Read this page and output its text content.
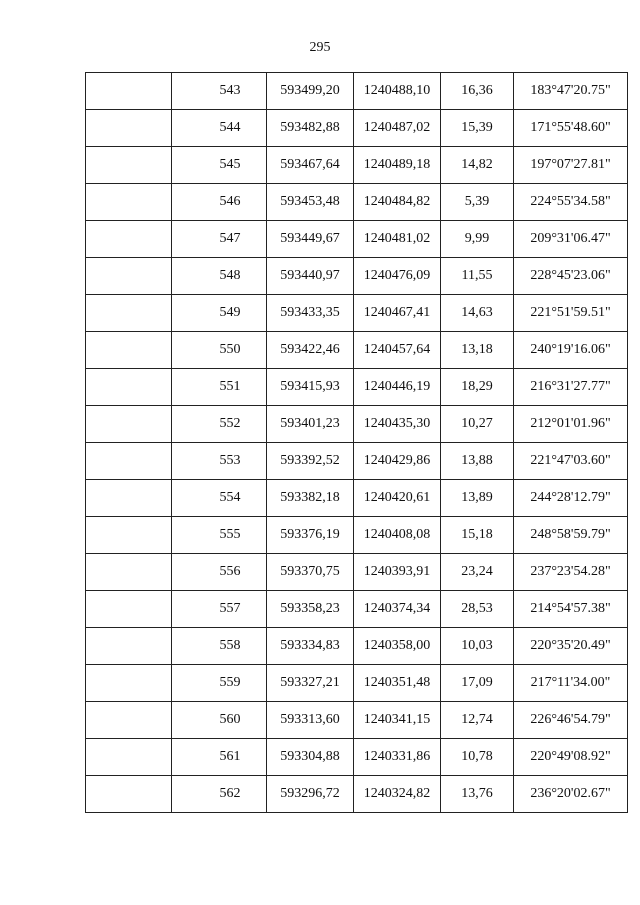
295
	543	593499,20	1240488,10	16,36	183°47'20.75"
	544	593482,88	1240487,02	15,39	171°55'48.60"
	545	593467,64	1240489,18	14,82	197°07'27.81"
	546	593453,48	1240484,82	5,39	224°55'34.58"
	547	593449,67	1240481,02	9,99	209°31'06.47"
	548	593440,97	1240476,09	11,55	228°45'23.06"
	549	593433,35	1240467,41	14,63	221°51'59.51"
	550	593422,46	1240457,64	13,18	240°19'16.06"
	551	593415,93	1240446,19	18,29	216°31'27.77"
	552	593401,23	1240435,30	10,27	212°01'01.96"
	553	593392,52	1240429,86	13,88	221°47'03.60"
	554	593382,18	1240420,61	13,89	244°28'12.79"
	555	593376,19	1240408,08	15,18	248°58'59.79"
	556	593370,75	1240393,91	23,24	237°23'54.28"
	557	593358,23	1240374,34	28,53	214°54'57.38"
	558	593334,83	1240358,00	10,03	220°35'20.49"
	559	593327,21	1240351,48	17,09	217°11'34.00"
	560	593313,60	1240341,15	12,74	226°46'54.79"
	561	593304,88	1240331,86	10,78	220°49'08.92"
	562	593296,72	1240324,82	13,76	236°20'02.67"
